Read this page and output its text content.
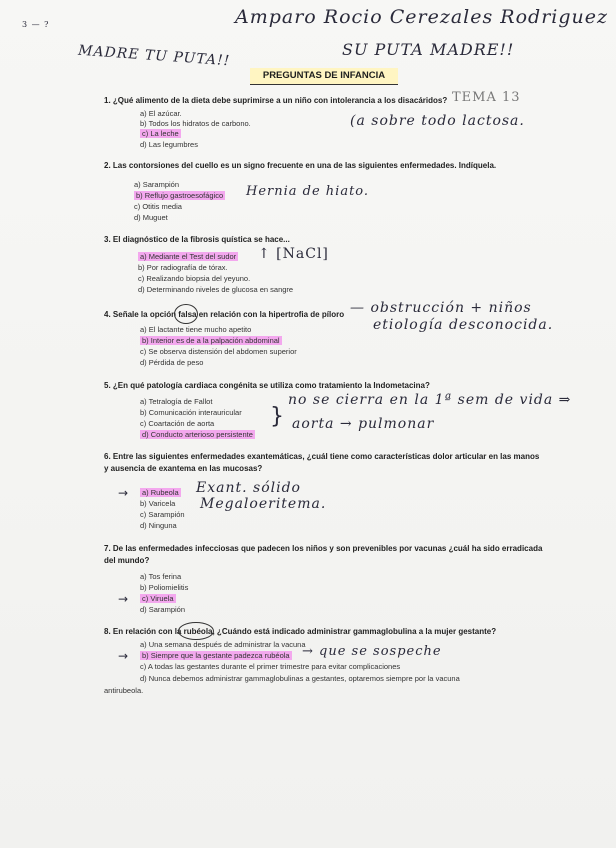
3 — ?	Amparo Rocio Cerezales Rodriguez
MADRE TU PUTA!!	SU PUTA MADRE!!
PREGUNTAS DE INFANCIA
1. ¿Qué alimento de la dieta debe suprimirse a un niño con intolerancia a los disacáridos?
a) El azúcar.
b) Todos los hidratos de carbono.
c) La leche
d) Las legumbres
TEMA 13
(a sobre todo lactosa.
2. Las contorsiones del cuello es un signo frecuente en una de las siguientes enfermedades. Indíquela.
a) Sarampión
b) Reflujo gastroesofágico
c) Otitis media
d) Muguet
Hernia de hiato.
3. El diagnóstico de la fibrosis quística se hace...
a) Mediante el Test del sudor
b) Por radiografía de tórax.
c) Realizando biopsia del yeyuno.
d) Determinando niveles de glucosa en sangre
↑ [NaCl]
4. Señale la opción falsa en relación con la hipertrofia de píloro
a) El lactante tiene mucho apetito
b) Interior es de a la palpación abdominal
c) Se observa distensión del abdomen superior
d) Pérdida de peso
— obstrucción + niños
etiología desconocida.
5. ¿En qué patología cardiaca congénita se utiliza como tratamiento la Indometacina?
a) Tetralogía de Fallot
b) Comunicación interauricular
c) Coartación de aorta
d) Conducto arterioso persistente
}
no se cierra en la 1ª sem de vida ⇒
aorta → pulmonar
6. Entre las siguientes enfermedades exantemáticas, ¿cuál tiene como características dolor articular en las manos
y ausencia de exantema en las mucosas?
→ a) Rubeola
b) Varicela
c) Sarampión
d) Ninguna
Exant. sólido
Megaloeritema.
7. De las enfermedades infecciosas que padecen los niños y son prevenibles por vacunas ¿cuál ha sido erradicada
del mundo?
a) Tos ferina
b) Poliomielitis
→ c) Viruela
d) Sarampión
8. En relación con la rubéola, ¿Cuándo está indicado administrar gammaglobulina a la mujer gestante?
a) Una semana después de administrar la vacuna
→ b) Siempre que la gestante padezca rubéola
c) A todas las gestantes durante el primer trimestre para evitar complicaciones
d) Nunca debemos administrar gammaglobulinas a gestantes, optaremos siempre por la vacuna
antirubeola.
→ que se sospeche
